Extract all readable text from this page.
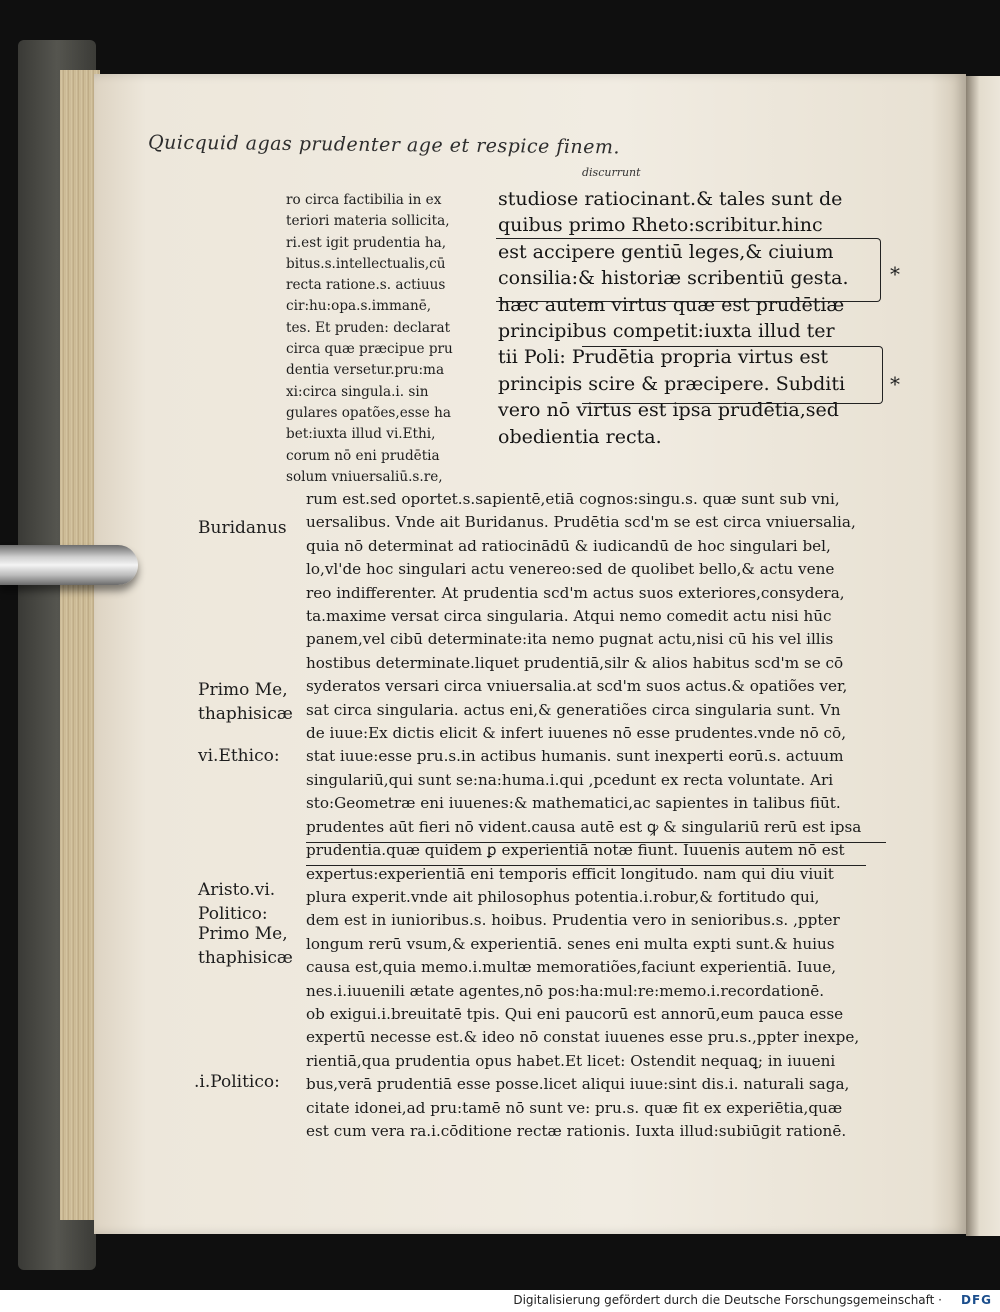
Quicquid agas prudenter age et respice finem.
discurrunt
ro circa factibilia in ex
teriori materia sollicita,
ri.est igit prudentia ha,
bitus.s.intellectualis,cū
recta ratione.s. actiuus
cir:hu:opa.s.immanē,
tes. Et pruden: declarat
circa quæ præcipue pru
dentia versetur.pru:ma
xi:circa singula.i. sin
gulares opatões,esse ha
bet:iuxta illud vi.Ethi,
corum nō eni prudētia
solum vniuersaliū.s.re,
studiose ratiocinant.& tales sunt de
quibus primo Rheto:scribitur.hinc
est accipere gentiū leges,& ciuium
consilia:& historiæ scribentiū gesta.
hæc autem virtus quæ est prudētiæ
principibus competit:iuxta illud ter
tii Poli: Prudētia propria virtus est
principis scire & præcipere. Subditi
vero nō virtus est ipsa prudētia,sed
obedientia recta.
*
*
rum est.sed oportet.s.sapientē,etiā cognos:singu.s. quæ sunt sub vni,
uersalibus. Vnde ait Buridanus. Prudētia scd'm se est circa vniuersalia,
quia nō determinat ad ratiocinādū & iudicandū de hoc singulari bel,
lo,vl'de hoc singulari actu venereo:sed de quolibet bello,& actu vene
reo indifferenter. At prudentia scd'm actus suos exteriores,consydera,
ta.maxime versat circa singularia. Atqui nemo comedit actu nisi hūc
panem,vel cibū determinate:ita nemo pugnat actu,nisi cū his vel illis
hostibus determinate.liquet prudentiā,silr & alios habitus scd'm se cō
syderatos versari circa vniuersalia.at scd'm suos actus.& opatiões ver,
sat circa singularia. actus eni,& generatiões circa singularia sunt. Vn
de iuue:Ex dictis elicit & infert iuuenes nō esse prudentes.vnde nō cō,
stat iuue:esse pru.s.in actibus humanis. sunt inexperti eorū.s. actuum
singulariū,qui sunt se:na:huma.i.qui ,pcedunt ex recta voluntate. Ari
sto:Geometræ eni iuuenes:& mathematici,ac sapientes in talibus fiūt.
prudentes aūt fieri nō vident.causa autē est ꝙ & singulariū rerū est ipsa
prudentia.quæ quidem ꝑ experientiā notæ fiunt. Iuuenis autem nō est
expertus:experientiā eni temporis efficit longitudo. nam qui diu viuit
plura experit.vnde ait philosophus potentia.i.robur,& fortitudo qui,
dem est in iunioribus.s. hoibus. Prudentia vero in senioribus.s. ,ppter
longum rerū vsum,& experientiā. senes eni multa expti sunt.& huius
causa est,quia memo.i.multæ memoratiões,faciunt experientiā. Iuue,
nes.i.iuuenili ætate agentes,nō pos:ha:mul:re:memo.i.recordationē.
ob exigui.i.breuitatē tpis. Qui eni paucorū est annorū,eum pauca esse
expertū necesse est.& ideo nō constat iuuenes esse pru.s.,ppter inexpe,
rientiā,qua prudentia opus habet.Et licet: Ostendit nequaꝗ; in iuueni
bus,verā prudentiā esse posse.licet aliqui iuue:sint dis.i. naturali saga,
citate idonei,ad pru:tamē nō sunt ve: pru.s. quæ fit ex experiētia,quæ
est cum vera ra.i.cōditione rectæ rationis. Iuxta illud:subiūgit rationē.
Buridanus
Primo Me,
thaphisicæ
vi.Ethico:
Aristo.vi.
Politico:
Primo Me,
thaphisicæ
.i.Politico:
Digitalisierung gefördert durch die Deutsche Forschungsgemeinschaft · DFG
